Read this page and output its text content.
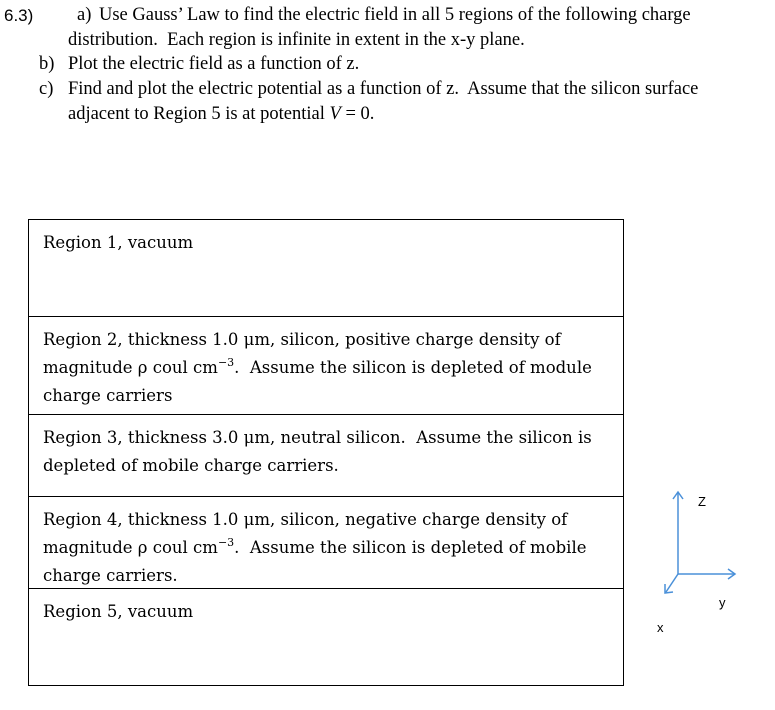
6.3) a) Use Gauss’ Law to find the electric field in all 5 regions of the following charge
distribution.  Each region is infinite in extent in the x-y plane.
b) Plot the electric field as a function of z.
c) Find and plot the electric potential as a function of z.  Assume that the silicon surface
adjacent to Region 5 is at potential V = 0.
Region 1, vacuum
Region 2, thickness 1.0 μm, silicon, positive charge density of
magnitude ρ coul $cm^{-3}$.  Assume the silicon is depleted of module
charge carriers
Region 3, thickness 3.0 μm, neutral silicon.  Assume the silicon is
depleted of mobile charge carriers.
Region 4, thickness 1.0 μm, silicon, negative charge density of
magnitude ρ coul $cm^{-3}$.  Assume the silicon is depleted of mobile
charge carriers.
Region 5, vacuum
Z
y
x
